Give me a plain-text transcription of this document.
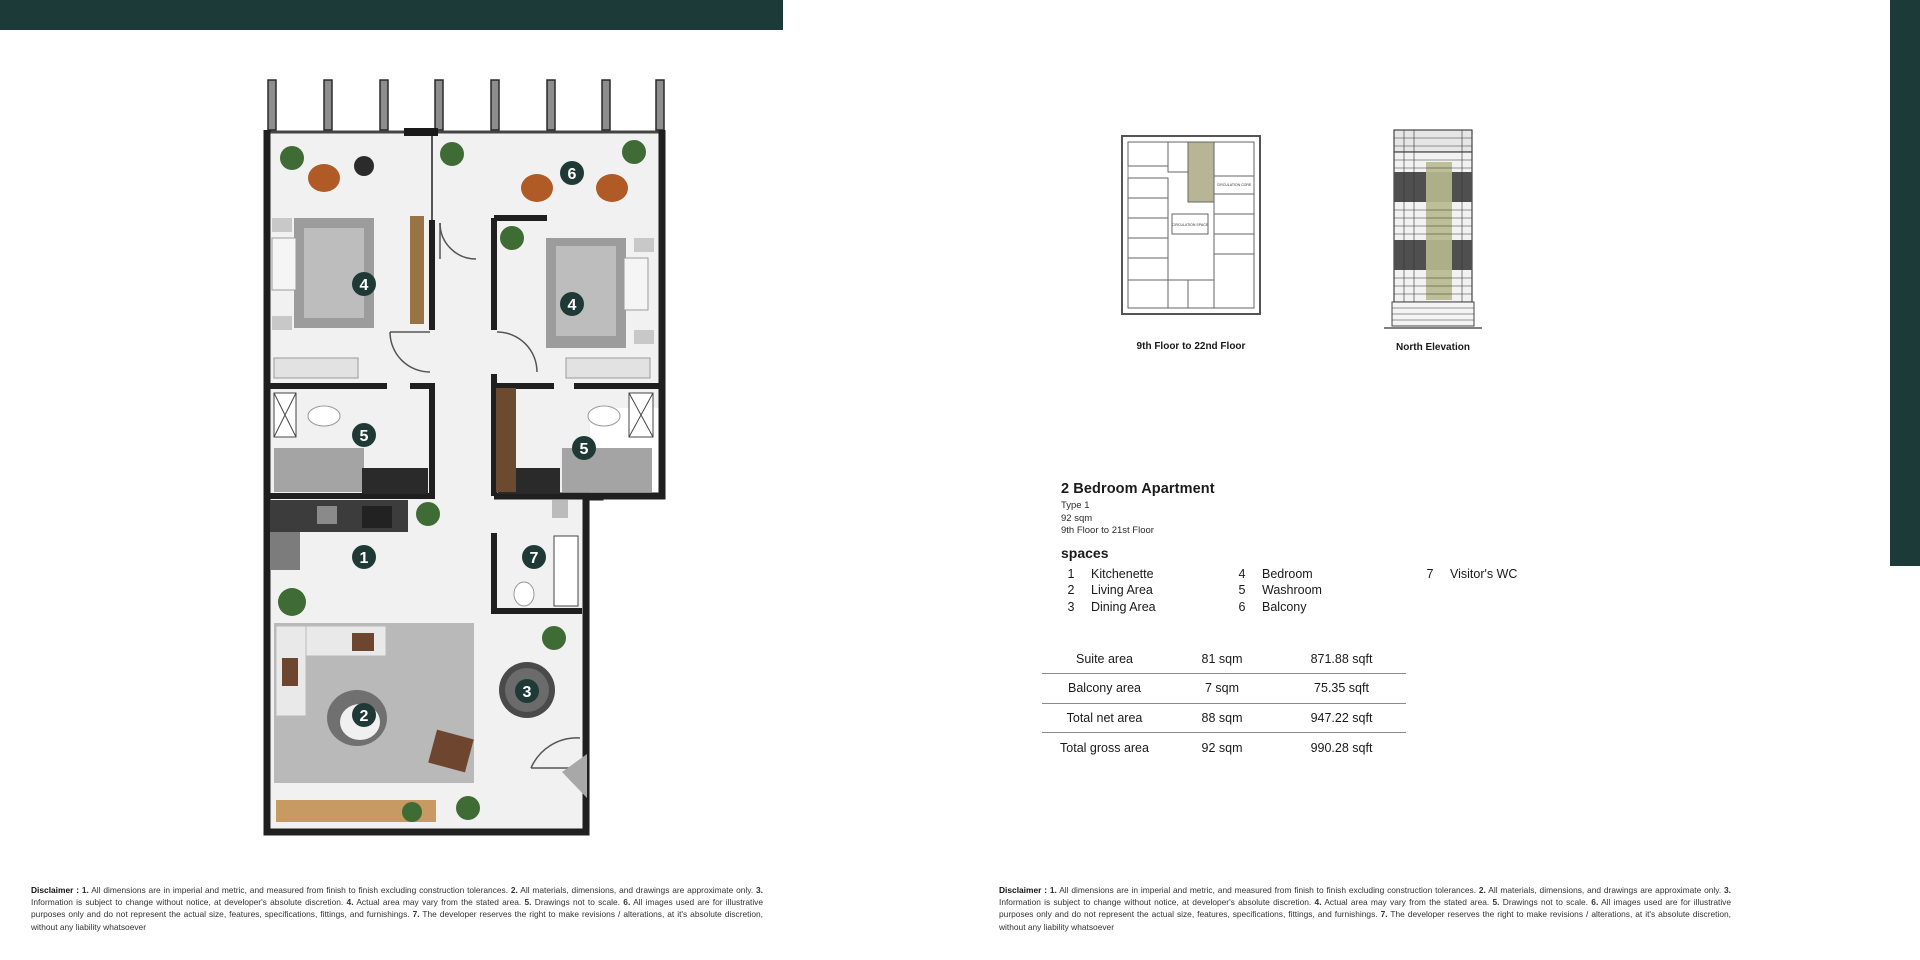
6
4
4
5
5
1	7
3
2
CIRCULATION SPACE
CIRCULATION CORE
9th Floor to 22nd Floor	North Elevation
2 Bedroom Apartment
Type 1
92 sqm
9th Floor to 21st Floor
spaces
1 Kitchenette
2 Living Area
3 Dining Area
4 Bedroom
5 Washroom
6 Balcony
7 Visitor's WC
Suite area	81 sqm	871.88 sqft
Balcony area	7 sqm	75.35 sqft
Total net area	88 sqm	947.22 sqft
Total gross area	92 sqm	990.28 sqft
Disclaimer : 1. All dimensions are in imperial and metric, and measured from finish to finish excluding construction tolerances. 2. All materials, dimensions, and drawings are approximate only. 3. Information is subject to change without notice, at developer's absolute discretion. 4. Actual area may vary from the stated area. 5. Drawings not to scale. 6. All images used are for illustrative purposes only and do not represent the actual size, features, specifications, fittings, and furnishings. 7. The developer reserves the right to make revisions / alterations, at it's absolute discretion, without any liability whatsoever
Disclaimer : 1. All dimensions are in imperial and metric, and measured from finish to finish excluding construction tolerances. 2. All materials, dimensions, and drawings are approximate only. 3. Information is subject to change without notice, at developer's absolute discretion. 4. Actual area may vary from the stated area. 5. Drawings not to scale. 6. All images used are for illustrative purposes only and do not represent the actual size, features, specifications, fittings, and furnishings. 7. The developer reserves the right to make revisions / alterations, at it's absolute discretion, without any liability whatsoever
